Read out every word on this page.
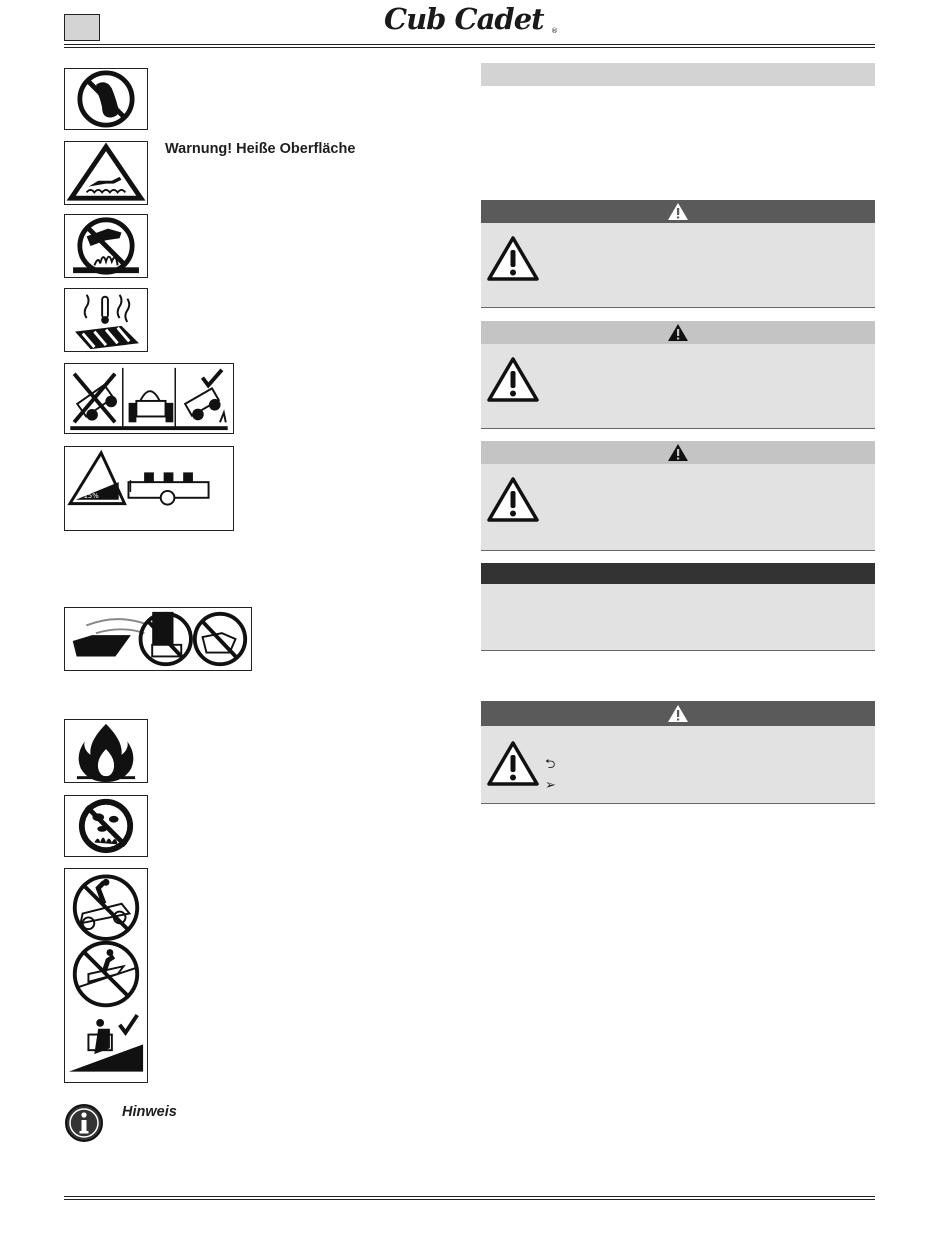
Cub Cadet ®
Warnung! Heiße Oberfläche
15%
Hinweis
⮌
➢
